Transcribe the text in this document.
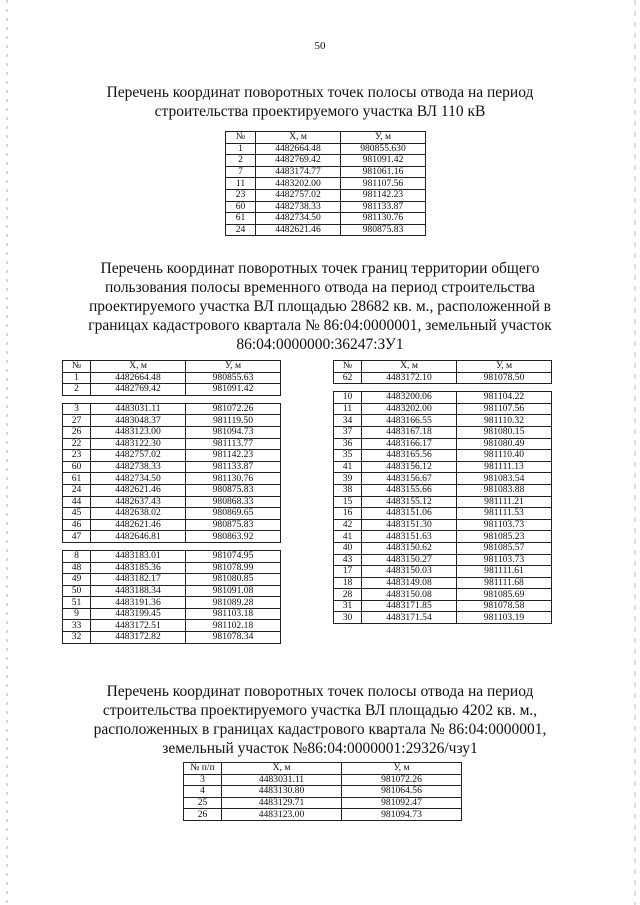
50
Перечень координат поворотных точек полосы отвода на период строительства проектируемого участка ВЛ 110 кВ
№	Х, м	У, м
1	4482664.48	980855.630
2	4482769.42	981091.42
7	4483174.77	981061.16
11	4483202.00	981107.56
23	4482757.02	981142.23
60	4482738.33	981133.87
61	4482734.50	981130.76
24	4482621.46	980875.83
Перечень координат поворотных точек границ территории общего пользования полосы временного отвода на период строительства проектируемого участка ВЛ площадью 28682 кв. м., расположенной в границах кадастрового квартала № 86:04:0000001, земельный участок 86:04:0000000:36247:ЗУ1
№	Х, м	У, м
1	4482664.48	980855.63
2	4482769.42	981091.42

3	4483031.11	981072.26
27	4483048.37	981119.50
26	4483123.00	981094.73
22	4483122.30	981113.77
23	4482757.02	981142.23
60	4482738.33	981133.87
61	4482734.50	981130.76
24	4482621.46	980875.83
44	4482637.43	980868.33
45	4482638.02	980869.65
46	4482621.46	980875.83
47	4482646.81	980863.92

8	4483183.01	981074.95
48	4483185.36	981078.99
49	4483182.17	981080.85
50	4483188.34	981091.08
51	4483191.36	981089.28
9	4483199.45	981103.18
33	4483172.51	981102.18
32	4483172.82	981078.34
№	Х, м	У, м
62	4483172.10	981078.50

10	4483200.06	981104.22
11	4483202.00	981107.56
34	4483166.55	981110.32
37	4483167.18	981080.15
36	4483166.17	981080.49
35	4483165.56	981110.40
41	4483156.12	981111.13
39	4483156.67	981083.54
38	4483155.66	981083.88
15	4483155.12	981111.21
16	4483151.06	981111.53
42	4483151.30	981103.73
41	4483151.63	981085.23
40	4483150.62	981085.57
43	4483150.27	981103.73
17	4483150.03	981111.61
18	4483149.08	981111.68
28	4483150.08	981085.69
31	4483171.85	981078.58
30	4483171.54	981103.19
Перечень координат поворотных точек полосы отвода на период строительства проектируемого участка ВЛ площадью 4202 кв. м., расположенных в границах кадастрового квартала № 86:04:0000001, земельный участок №86:04:0000001:29326/чзу1
№ п/п	Х, м	У, м
3	4483031.11	981072.26
4	4483130.80	981064.56
25	4483129.71	981092.47
26	4483123.00	981094.73
